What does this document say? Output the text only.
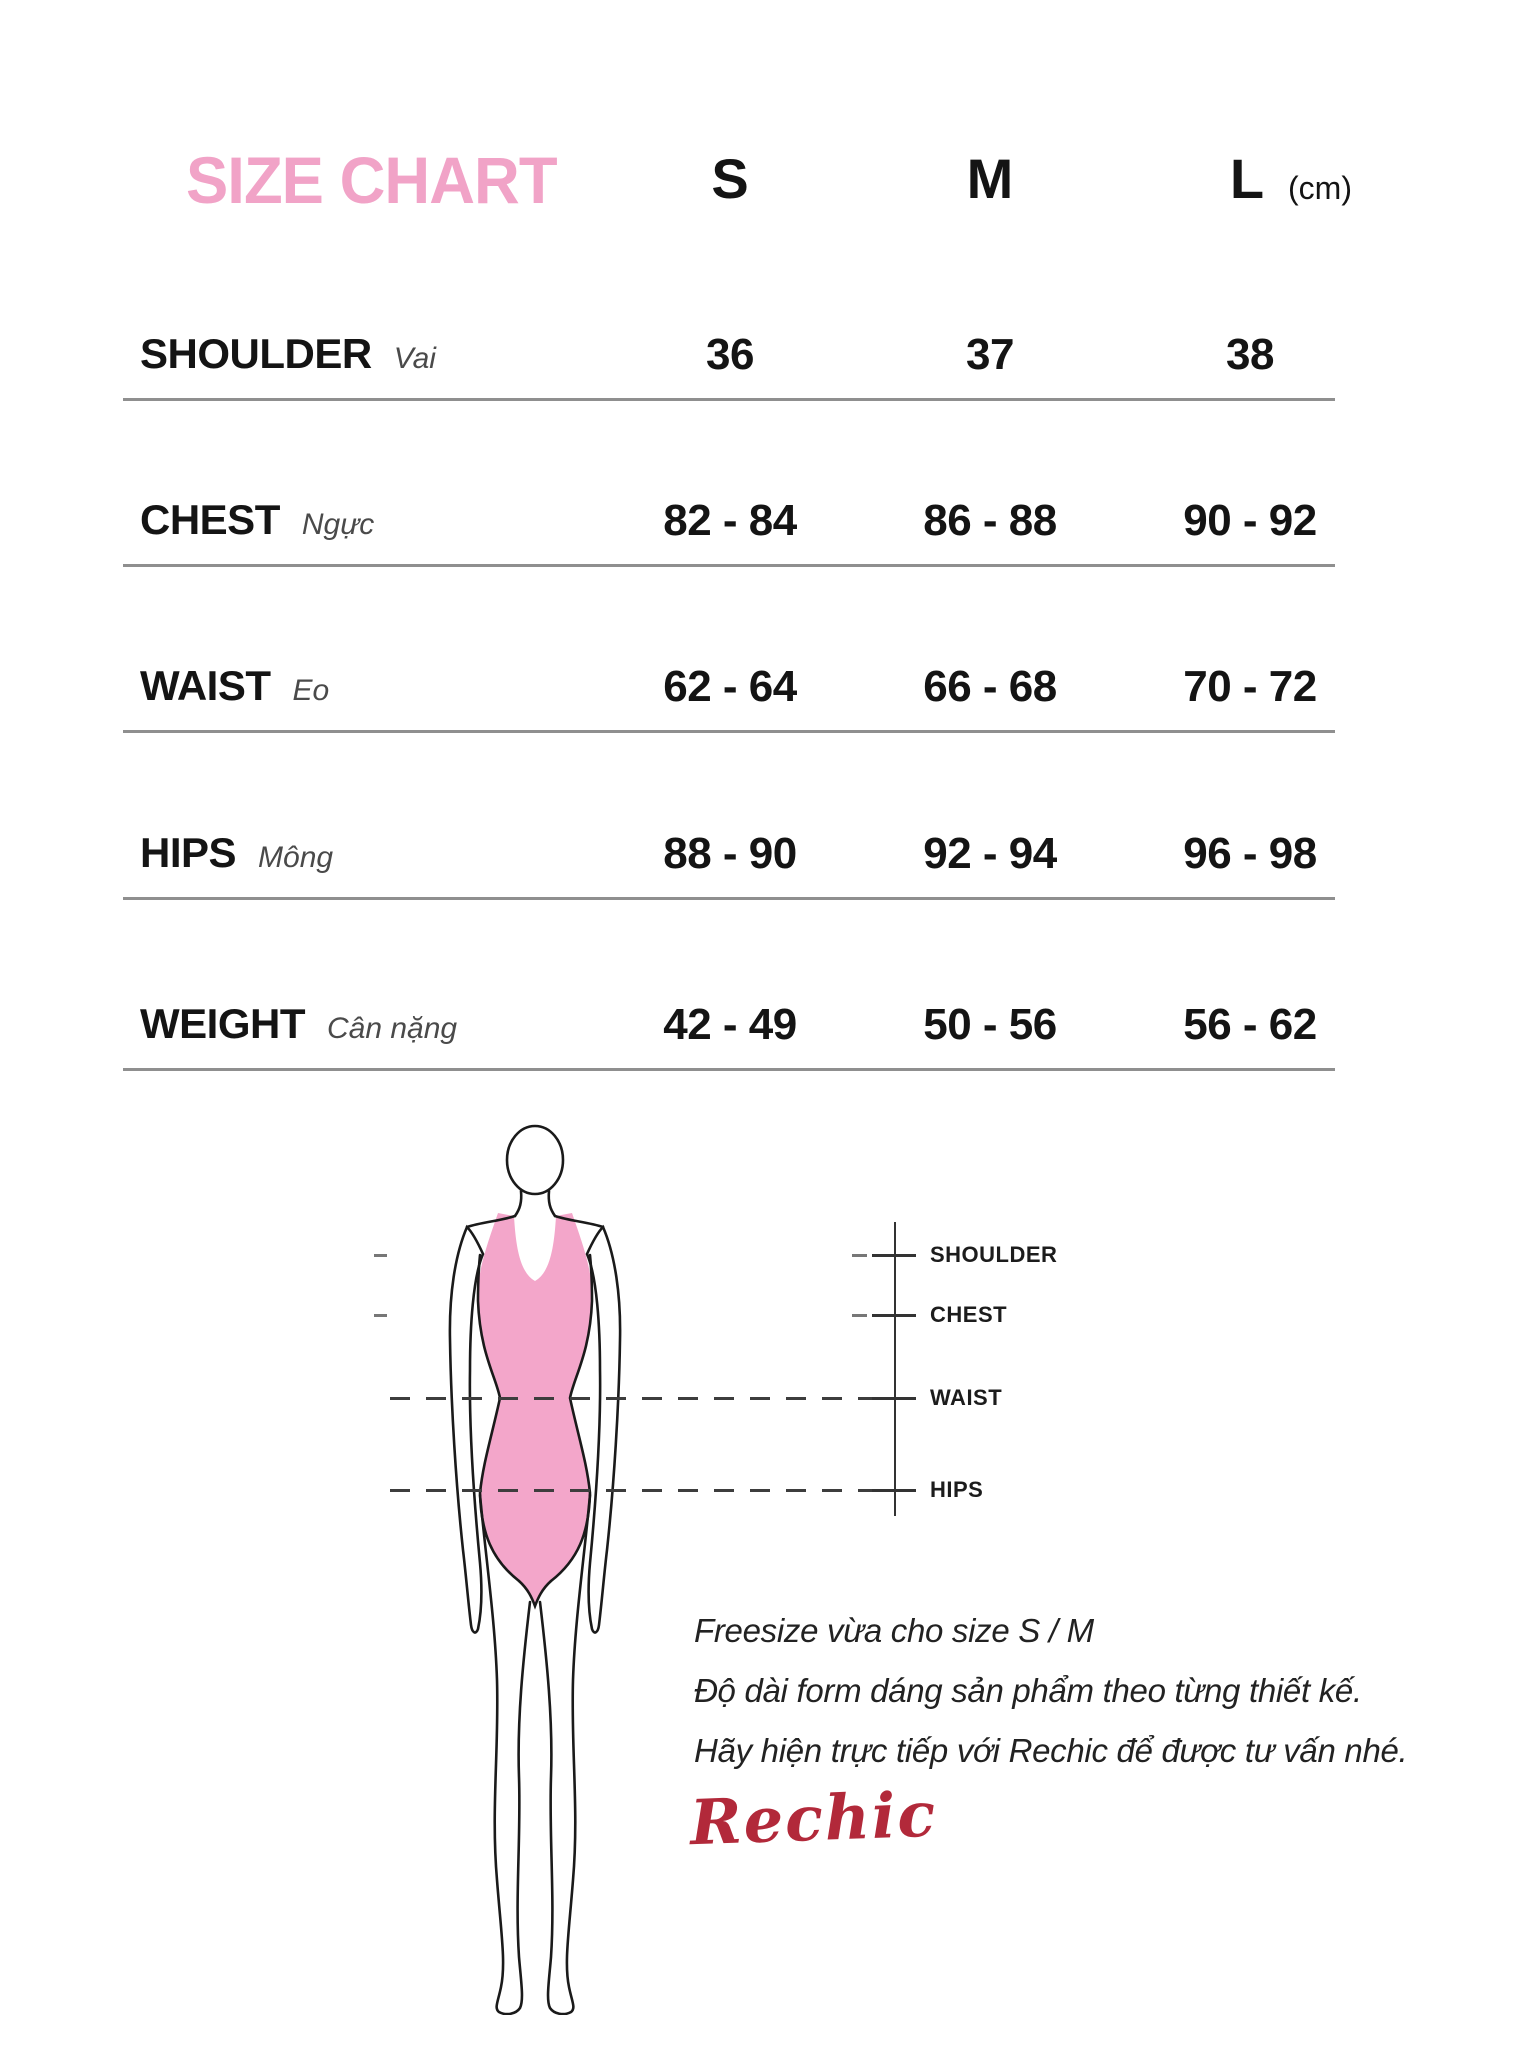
SIZE CHART	S	M	L (cm)
SHOULDER Vai	36	37	38
CHEST Ngực	82 - 84	86 - 88	90 - 92
WAIST Eo	62 - 64	66 - 68	70 - 72
HIPS Mông	88 - 90	92 - 94	96 - 98
WEIGHT Cân nặng	42 - 49	50 - 56	56 - 62
SHOULDER
CHEST
WAIST
HIPS
Freesize vừa cho size S / M
Độ dài form dáng sản phẩm theo từng thiết kế.
Hãy hiện trực tiếp với Rechic để được tư vấn nhé.
Rechic
